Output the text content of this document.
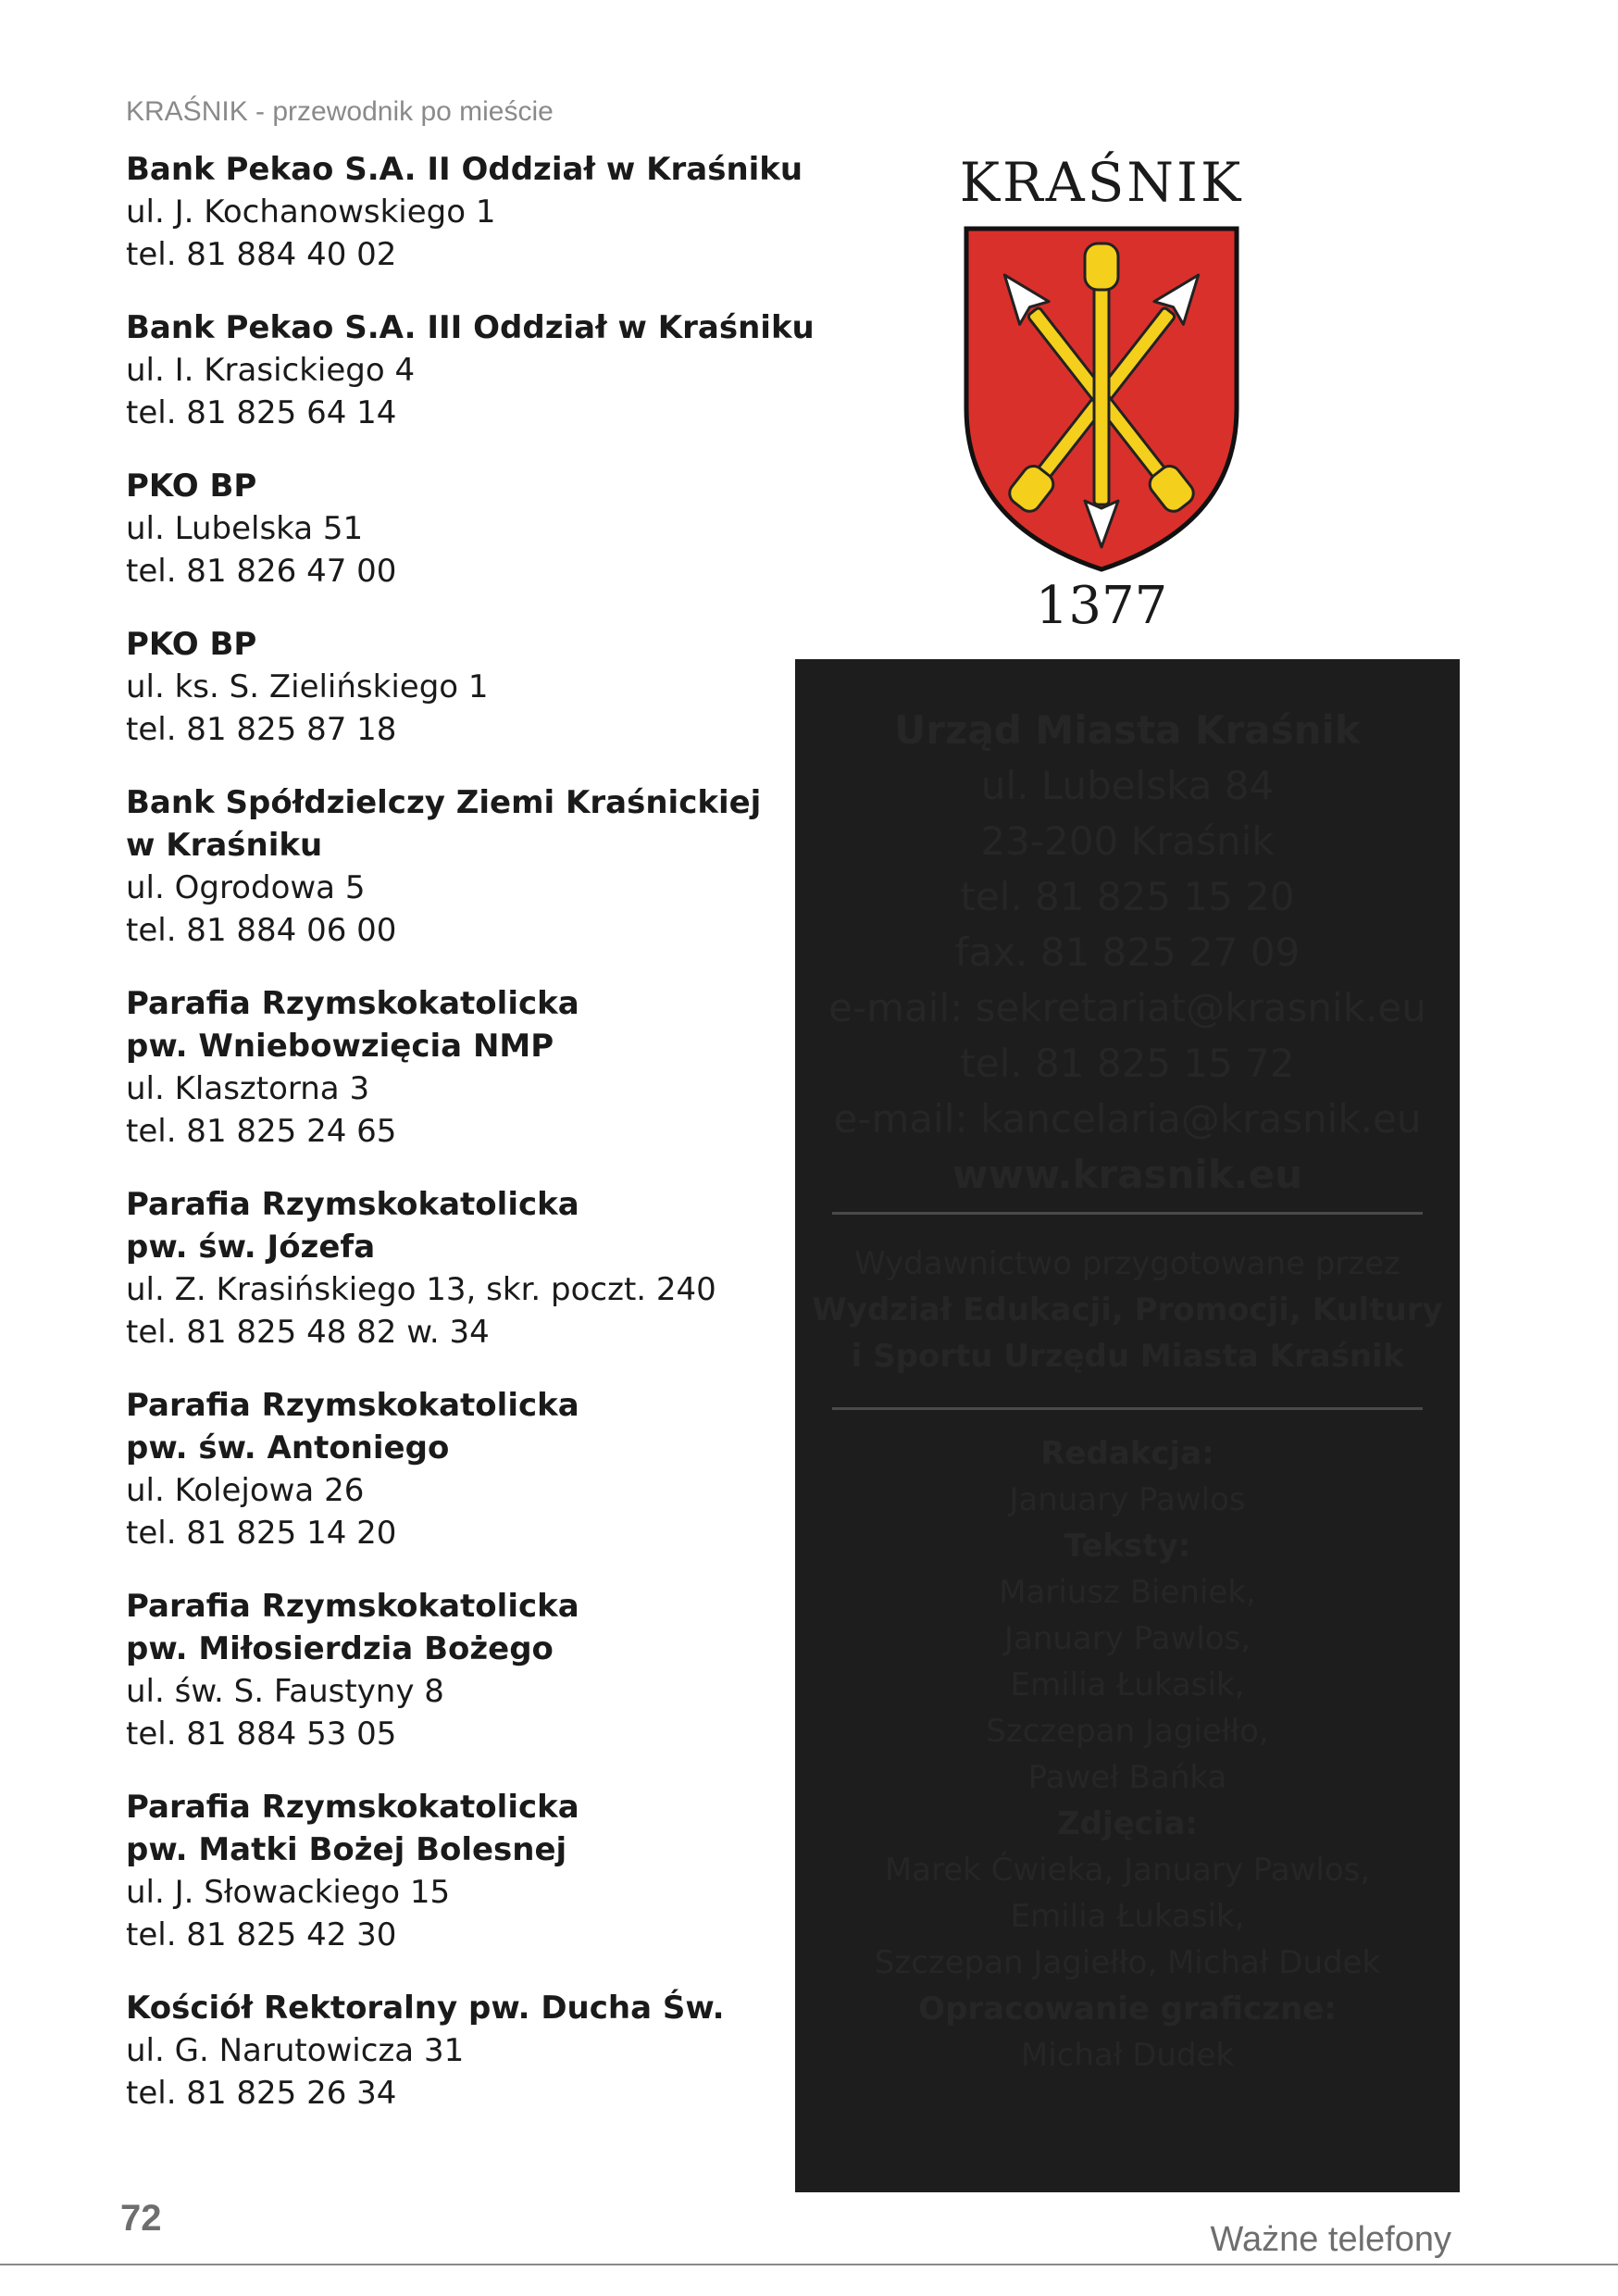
KRAŚNIK - przewodnik po mieście
Bank Pekao S.A. II Oddział w Kraśniku
ul. J. Kochanowskiego 1
tel. 81 884 40 02
Bank Pekao S.A. III Oddział w Kraśniku
ul. I. Krasickiego 4
tel. 81 825 64 14
PKO BP
ul. Lubelska 51
tel. 81 826 47 00
PKO BP
ul. ks. S. Zielińskiego 1
tel. 81 825 87 18
Bank Spółdzielczy Ziemi Kraśnickiej
w Kraśniku
ul. Ogrodowa 5
tel. 81 884 06 00
Parafia Rzymskokatolicka
pw. Wniebowzięcia NMP
ul. Klasztorna 3
tel. 81 825 24 65
Parafia Rzymskokatolicka
pw. św. Józefa
ul. Z. Krasińskiego 13, skr. poczt. 240
tel. 81 825 48 82 w. 34
Parafia Rzymskokatolicka
pw. św. Antoniego
ul. Kolejowa 26
tel. 81 825 14 20
Parafia Rzymskokatolicka
pw. Miłosierdzia Bożego
ul. św. S. Faustyny 8
tel. 81 884 53 05
Parafia Rzymskokatolicka
pw. Matki Bożej Bolesnej
ul. J. Słowackiego 15
tel. 81 825 42 30
Kościół Rektoralny pw. Ducha Św.
ul. G. Narutowicza 31
tel. 81 825 26 34
KRAŚNIK
1377
Urząd Miasta Kraśnik
ul. Lubelska 84
23-200 Kraśnik
tel. 81 825 15 20
fax. 81 825 27 09
e-mail: sekretariat@krasnik.eu
tel. 81 825 15 72
e-mail: kancelaria@krasnik.eu
www.krasnik.eu
Wydawnictwo przygotowane przez
Wydział Edukacji, Promocji, Kultury
i Sportu Urzędu Miasta Kraśnik
Redakcja:
January Pawlos
Teksty:
Mariusz Bieniek,
January Pawlos,
Emilia Łukasik,
Szczepan Jagiełło,
Paweł Bańka
Zdjęcia:
Marek Ćwieka, January Pawlos,
Emilia Łukasik,
Szczepan Jagiełło, Michał Dudek
Opracowanie graficzne:
Michał Dudek
72
Ważne telefony
